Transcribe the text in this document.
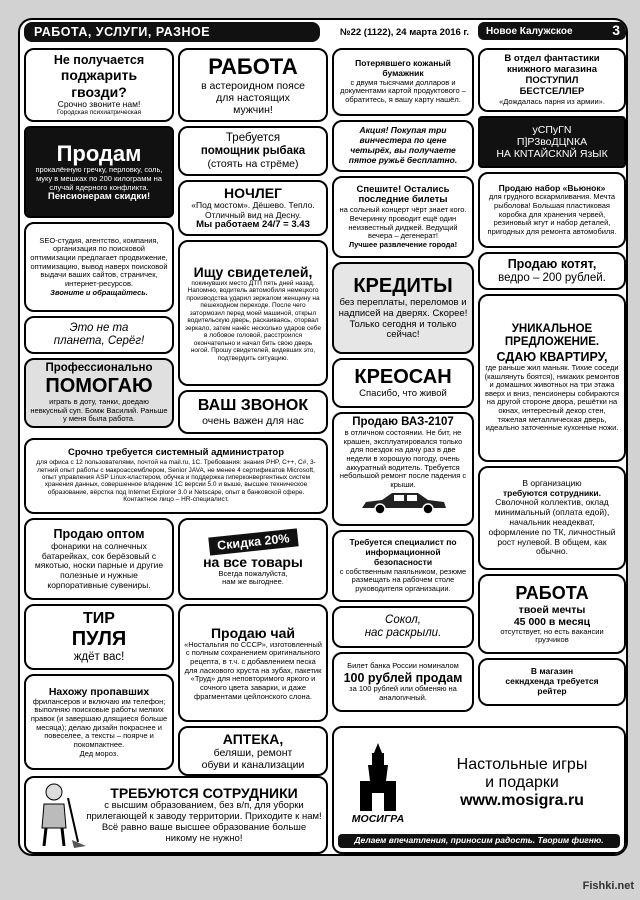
РАБОТА, УСЛУГИ, РАЗНОЕ	№22 (1122), 24 марта 2016 г. Новое Калужское	3
Не получается
поджарить
гвозди?
Срочно звоните нам!
Городская психиатрическая
Продам
прокалённую гречку, перловку, соль, муку в мешках по 200 килограмм на случай ядерного конфликта.
Пенсионерам скидки!
SEO-студия, агентство, компания, организация по поисковой оптимизации предлагает продвижение, оптимизацию, вывод наверх поисковой выдачи ваших сайтов, страничек, интернет-ресурсов.
Звоните и обращайтесь.
Это не та
планета, Серёг!
Профессионально
ПОМОГАЮ
играть в доту, танки, доедаю невкусный суп. Бомж Василий. Раньше у меня была работа.
Срочно требуется системный администратор
для офиса с 12 пользователями, почтой на mail.ru, 1С. Требования: знания PHP, C++, C#, 3-летний опыт работы с макроассемблером, Senior JAVA, не менее 4 сертификатов Microsoft, опыт управления ASP Linux-кластером, обучка и поддержка гиперконвергентных систем хранения данных, совершенное владение 1С версии 5.0 и выше, высшее техническое образование, вёрстка под Internet Explorer 3.0 и Netscape, опыт в банковской сфере. Контактное лицо – HR-специалист.
Продаю оптом
фонарики на солнечных батарейках, сок берёзовый с мякотью, носки парные и другие полезные и нужные корпоративные сувениры.
ТИР
ПУЛЯ
ждёт вас!
Нахожу пропавших
фрилансеров и включаю им телефон; выполняю поисковые работы мелких правок (и завершаю длящиеся больше месяца); делаю дизайн покраснее и повеселее, а тексты – поярче и покомпактнее.
Дед мороз.
РАБОТА
в астероидном поясе
для настоящих
мужчин!
Требуется
помощник рыбака
(стоять на стрёме)
НОЧЛЕГ
«Под мостом». Дёшево. Тепло.
Отличный вид на Десну.
Мы работаем 24/7 = 3.43
Ищу свидетелей,
покинувших место ДТП пять дней назад. Напомню, водитель автомобиля немецкого производства ударил зеркалом женщину на пешеходном переходе. После чего затормозил перед моей машиной, открыл водительскую дверь, раскаиваясь, оторвал зеркало, затем нанёс несколько ударов себе в лобовое головой, расстроился окончательно и начал бить свою дверь ногой. Прошу свидетелей, видевших это, подтвердить ситуацию.
ВАШ ЗВОНОК
очень важен для нас
Скидка 20%
на все товары
Всегда пожалуйста,
нам же выгоднее.
Продаю чай
«Ностальгия по СССР», изготовленный с полным сохранением оригинального рецепта, в т.ч. с добавлением песка для ласкового хруста на зубах, пакетик «Труд» для неповторимого яркого и сочного цвета заварки, и даже фрагментами цейлонского слона.
АПТЕКА,
беляши, ремонт
обуви и канализации
Потерявшего кожаный бумажник
с двумя тысячами долларов и документами картой продуктового – обратитесь, я вашу карту нашёл.
Акция! Покупая три винчестера по цене четырёх, вы получаете пятое ружьё бесплатно.
Спешите! Остались последние билеты
на сольный концерт чёрт знает кого. Вечеринку проводит ещё один неизвестный диджей. Ведущий вечера – дегенерат!
Лучшее развлечение города!
КРЕДИТЫ
без переплаты, переломов и надписей на дверях. Скорее! Только сегодня и только сейчас!
КРЕОСАН
Спасибо, что живой
Продаю ВАЗ-2107
в отличном состоянии. Не бит, не крашен, эксплуатировался только для поездок на дачу раз в две недели в хорошую погоду, очень аккуратный водитель. Требуется небольшой ремонт после падения с крыши.
Требуется специалист по информационной безопасности
с собственным паяльником, резюме размещать на рабочем столе руководителя организации.
Сокол,
нас раскрыли.
Билет банка России номиналом
100 рублей продам
за 100 рублей или обменяю на аналогичный.
В отдел фантастики
книжного магазина
ПОСТУПИЛ
БЕСТСЕЛЛЕР
«Дождалась парня из армии».
уСПуГN
П]Р3воДЦNКА
НА КNТАЙСКNЙ ЯзЫК
Продаю набор «Вьюнок»
для грудного вскармливания. Мечта рыболова! Большая пластиковая коробка для хранения червей, резиновый жгут и набор деталей, пригодных для ремонта автомобиля.
Продаю котят,
ведро – 200 рублей.
УНИКАЛЬНОЕ
ПРЕДЛОЖЕНИЕ.
СДАЮ КВАРТИРУ,
где раньше жил маньяк. Тихие соседи (кашлянуть боятся), никаких ремонтов и домашних животных на три этажа вверх и вниз, пенсионеры собираются на другой стороне двора, решётки на окнах, интересный декор стен, тяжелая металлическая дверь, идеально заточенные кухонные ножи.
В организацию
требуются сотрудники.
Сволочной коллектив, оклад минимальный (оплата едой), начальник неадекват, оформление по ТК, личностный рост нулевой. В общем, как обычно.
РАБОТА
твоей мечты
45 000 в месяц
отсутствует, но есть вакансии грузчиков
В магазин
секндхенда требуется
рейтер
ТРЕБУЮТСЯ СОТРУДНИКИ
с высшим образованием, без в/п, для уборки прилегающей к заводу территории. Приходите к нам! Всё равно ваше высшее образование больше никому не нужно!
МОСИГРА
Настольные игры
и подарки
www.mosigra.ru
Делаем впечатления, приносим радость. Творим фигню.
Fishki.net
